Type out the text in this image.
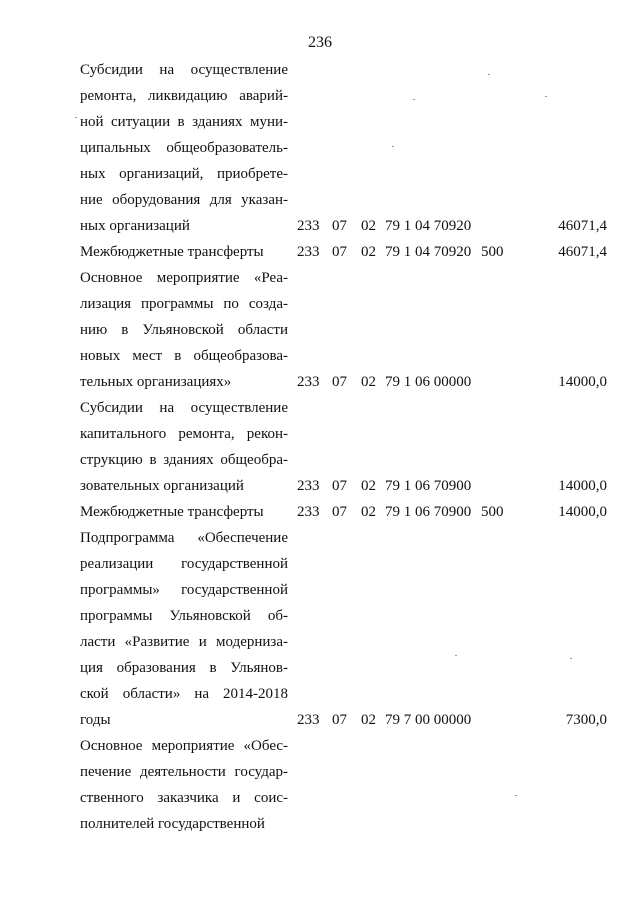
236
Субсидии на осуществление
ремонта, ликвидацию аварий-
ной ситуации в зданиях муни-
ципальных общеобразователь-
ных организаций, приобрете-
ние оборудования для указан-
ных организаций	233 07 02 79 1 04 70920	46071,4
Межбюджетные трансферты	233 07 02 79 1 04 70920 500	46071,4
Основное мероприятие «Реа-
лизация программы по созда-
нию в Ульяновской области
новых мест в общеобразова-
тельных организациях»	233 07 02 79 1 06 00000	14000,0
Субсидии на осуществление
капитального ремонта, рекон-
струкцию в зданиях общеобра-
зовательных организаций	233 07 02 79 1 06 70900	14000,0
Межбюджетные трансферты	233 07 02 79 1 06 70900 500	14000,0
Подпрограмма «Обеспечение
реализации государственной
программы» государственной
программы Ульяновской об-
ласти «Развитие и модерниза-
ция образования в Ульянов-
ской области» на 2014-2018
годы	233 07 02 79 7 00 00000	7300,0
Основное мероприятие «Обес-
печение деятельности государ-
ственного заказчика и соис-
полнителей государственной
